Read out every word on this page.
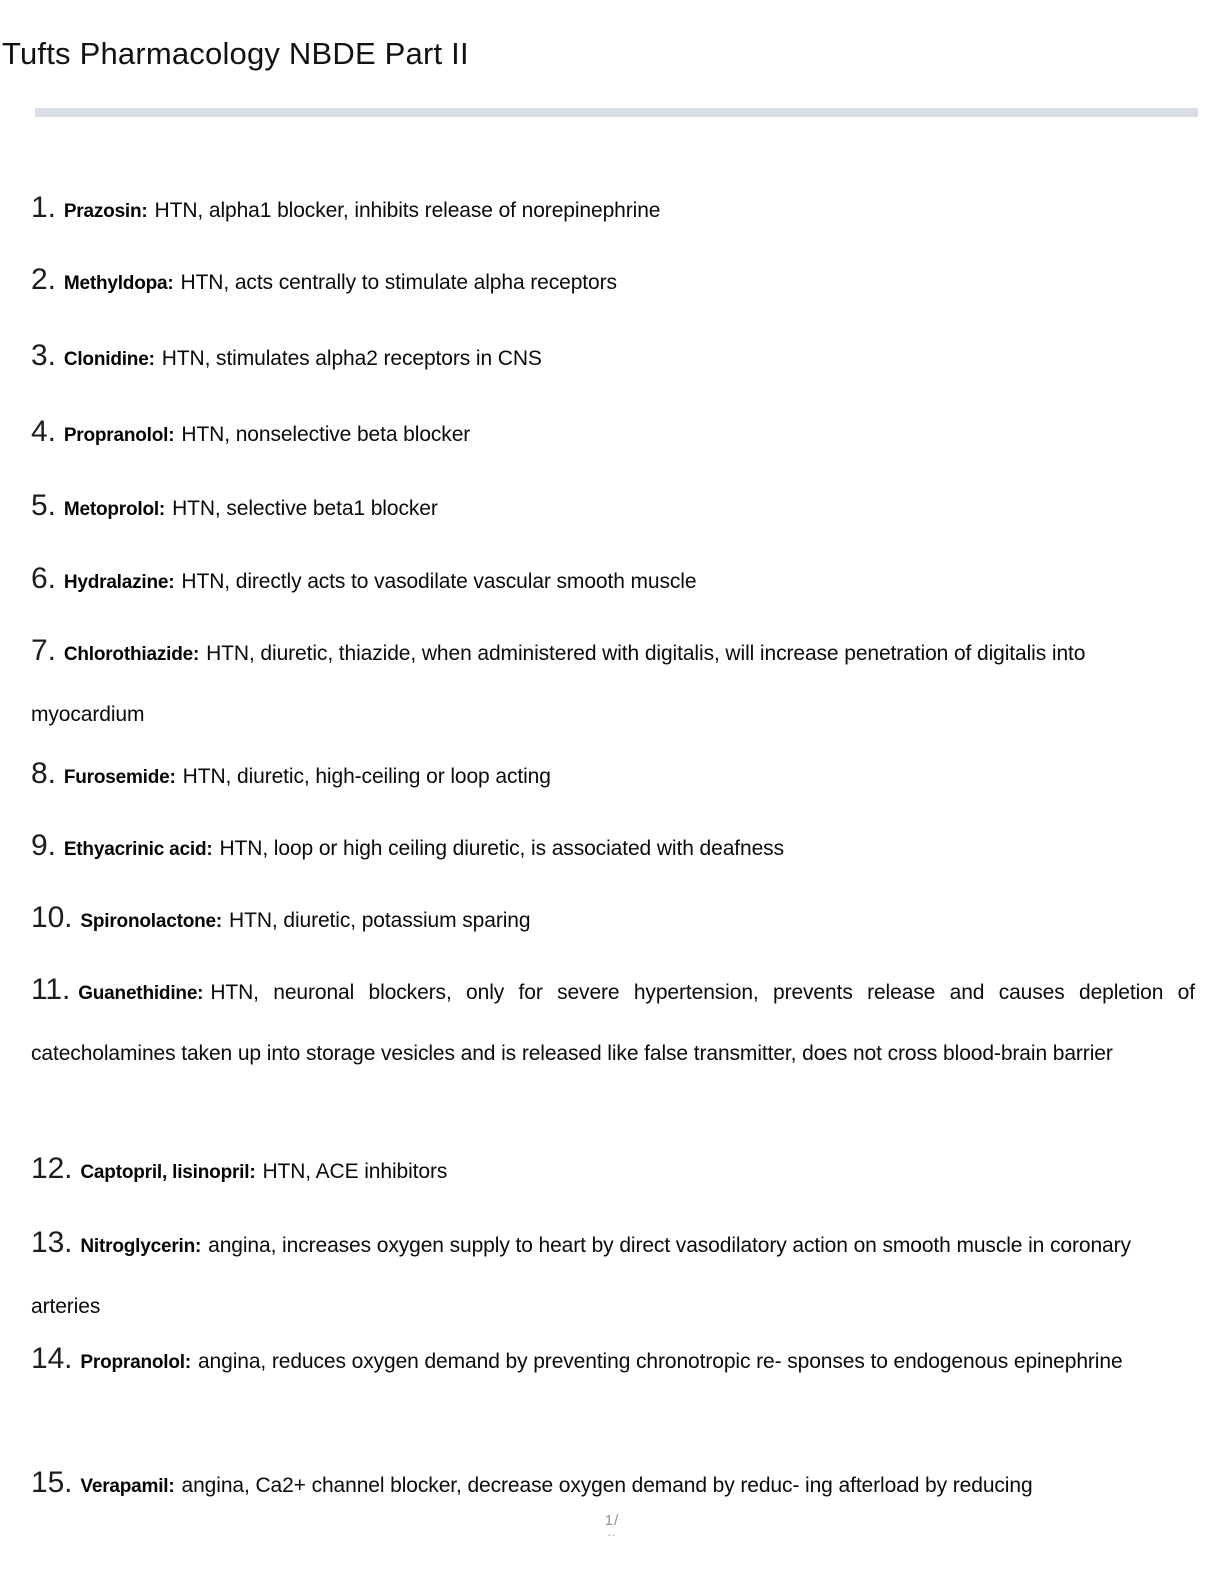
Tufts Pharmacology NBDE Part II
1. Prazosin: HTN, alpha1 blocker, inhibits release of norepinephrine
2. Methyldopa: HTN, acts centrally to stimulate alpha receptors
3. Clonidine: HTN, stimulates alpha2 receptors in CNS
4. Propranolol: HTN, nonselective beta blocker
5. Metoprolol: HTN, selective beta1 blocker
6. Hydralazine: HTN, directly acts to vasodilate vascular smooth muscle
7. Chlorothiazide: HTN, diuretic, thiazide, when administered with digitalis, will increase penetration of digitalis into myocardium
8. Furosemide: HTN, diuretic, high-ceiling or loop acting
9. Ethyacrinic acid: HTN, loop or high ceiling diuretic, is associated with deafness
10. Spironolactone: HTN, diuretic, potassium sparing
11. Guanethidine: HTN, neuronal blockers, only for severe hypertension, prevents release and causes depletion of catecholamines taken up into storage vesicles and is released like false transmitter, does not cross blood-brain barrier
12. Captopril, lisinopril: HTN, ACE inhibitors
13. Nitroglycerin: angina, increases oxygen supply to heart by direct vasodilatory action on smooth muscle in coronary arteries
14. Propranolol: angina, reduces oxygen demand by preventing chronotropic re- sponses to endogenous epinephrine
15. Verapamil: angina, Ca2+ channel blocker, decrease oxygen demand by reduc- ing afterload by reducing
1/
--
